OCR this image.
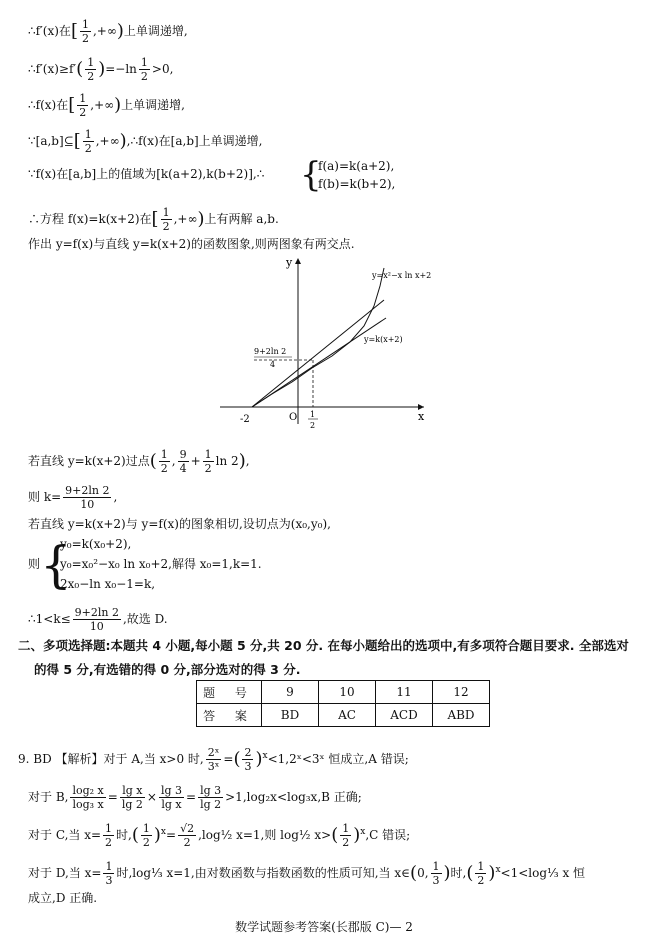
∴f′(x)在[ $\frac{1}{2}$ ,+∞)上单调递增,
∴f′(x)≥f′( $\frac{1}{2} )=-\ln \frac{1}{2} >0$,
∴f(x)在[ $\frac{1}{2}$ ,+∞)上单调递增,
∵[a,b]⊆[ $\frac{1}{2}$ ,+∞),∴f(x)在[a,b]上单调递增,
∵f(x)在[a,b]上的值域为[k(a+2),k(b+2)],∴ {
f(a)=k(a+2),
f(b)=k(b+2),
∴方程 f(x)=k(x+2)在[ $\frac{1}{2}$ ,+∞)上有两解 a,b.
作出 y=f(x)与直线 y=k(x+2)的函数图象,则两图象有两交点.
y
x
y=x²−x ln x+2
y=k(x+2)
9+2ln 2
4
-2	O 1
2
若直线 y=k(x+2)过点( $\frac{1}{2}$ , $\frac{9}{4} + \frac{1}{2}$ ln 2),
则 $k= \frac{9+2\ln 2}{10}$ ,
若直线 y=k(x+2)与 y=f(x)的图象相切,设切点为(x₀,y₀),
则 {
y₀=k(x₀+2),
y₀=x₀²−x₀ ln x₀+2,解得 x₀=1,k=1.
2x₀−ln x₀−1=k,
∴1<k≤ $\frac{9+2\ln 2}{10}$ ,故选 D.
二、多项选择题:本题共 4 小题,每小题 5 分,共 20 分. 在每小题给出的选项中,有多项符合题目要求. 全部选对
的得 5 分,有选错的得 0 分,部分选对的得 3 分.
题 号	9	10	11	12
答 案	BD	AC	ACD	ABD
9. BD 【解析】对于 A,当 x>0 时, $\frac{\text{2ˣ}}{\text{3ˣ}}$ =( $\frac{2}{3}$ )$^x$<1,2ˣ<3ˣ 恒成立,A 错误;
对于 B, $\frac{\text{log₂ x}}{\text{log₃ x}} = \frac{\text{lg x}}{\lg 2} \times \frac{\lg 3}{\text{lg x}} = \frac{\lg 3}{\lg 2} >1,\log_2x<\log_3x,B$ 正确;
对于 C,当 $x= \frac{1}{2}$ 时,( $\frac{1}{2} )^x= \frac{√2}{2}$ ,log½ x=1,则 log½ $x>( \frac{1}{2} )^x,C$ 错误;
对于 D,当 $x= \frac{1}{3}$ 时,log⅓ x=1,由对数函数与指数函数的性质可知,当 x∈(0, $\frac{1}{3}$ )时,( $\frac{1}{2}$ )$^x$<1<log⅓ x 恒
成立,D 正确.
数学试题参考答案(长郡版 C)— 2
